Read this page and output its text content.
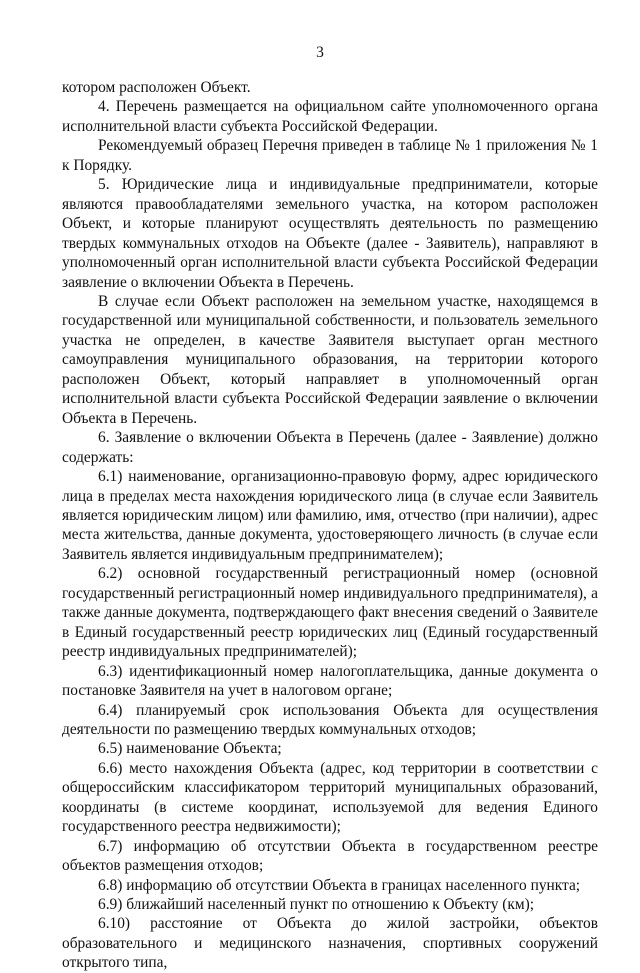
3

котором расположен Объект.

4. Перечень размещается на официальном сайте уполномоченного органа исполнительной власти субъекта Российской Федерации.

Рекомендуемый образец Перечня приведен в таблице № 1 приложения № 1 к Порядку.

5. Юридические лица и индивидуальные предприниматели, которые являются правообладателями земельного участка, на котором расположен Объект, и которые планируют осуществлять деятельность по размещению твердых коммунальных отходов на Объекте (далее - Заявитель), направляют в уполномоченный орган исполнительной власти субъекта Российской Федерации заявление о включении Объекта в Перечень.

В случае если Объект расположен на земельном участке, находящемся в государственной или муниципальной собственности, и пользователь земельного участка не определен, в качестве Заявителя выступает орган местного самоуправления муниципального образования, на территории которого расположен Объект, который направляет в уполномоченный орган исполнительной власти субъекта Российской Федерации заявление о включении Объекта в Перечень.

6. Заявление о включении Объекта в Перечень (далее - Заявление) должно содержать:

6.1) наименование, организационно-правовую форму, адрес юридического лица в пределах места нахождения юридического лица (в случае если Заявитель является юридическим лицом) или фамилию, имя, отчество (при наличии), адрес места жительства, данные документа, удостоверяющего личность (в случае если Заявитель является индивидуальным предпринимателем);

6.2) основной государственный регистрационный номер (основной государственный регистрационный номер индивидуального предпринимателя), а также данные документа, подтверждающего факт внесения сведений о Заявителе в Единый государственный реестр юридических лиц (Единый государственный реестр индивидуальных предпринимателей);

6.3) идентификационный номер налогоплательщика, данные документа о постановке Заявителя на учет в налоговом органе;

6.4) планируемый срок использования Объекта для осуществления деятельности по размещению твердых коммунальных отходов;

6.5) наименование Объекта;

6.6) место нахождения Объекта (адрес, код территории в соответствии с общероссийским классификатором территорий муниципальных образований, координаты (в системе координат, используемой для ведения Единого государственного реестра недвижимости);

6.7) информацию об отсутствии Объекта в государственном реестре объектов размещения отходов;

6.8) информацию об отсутствии Объекта в границах населенного пункта;

6.9) ближайший населенный пункт по отношению к Объекту (км);

6.10) расстояние от Объекта до жилой застройки, объектов образовательного и медицинского назначения, спортивных сооружений открытого типа,
